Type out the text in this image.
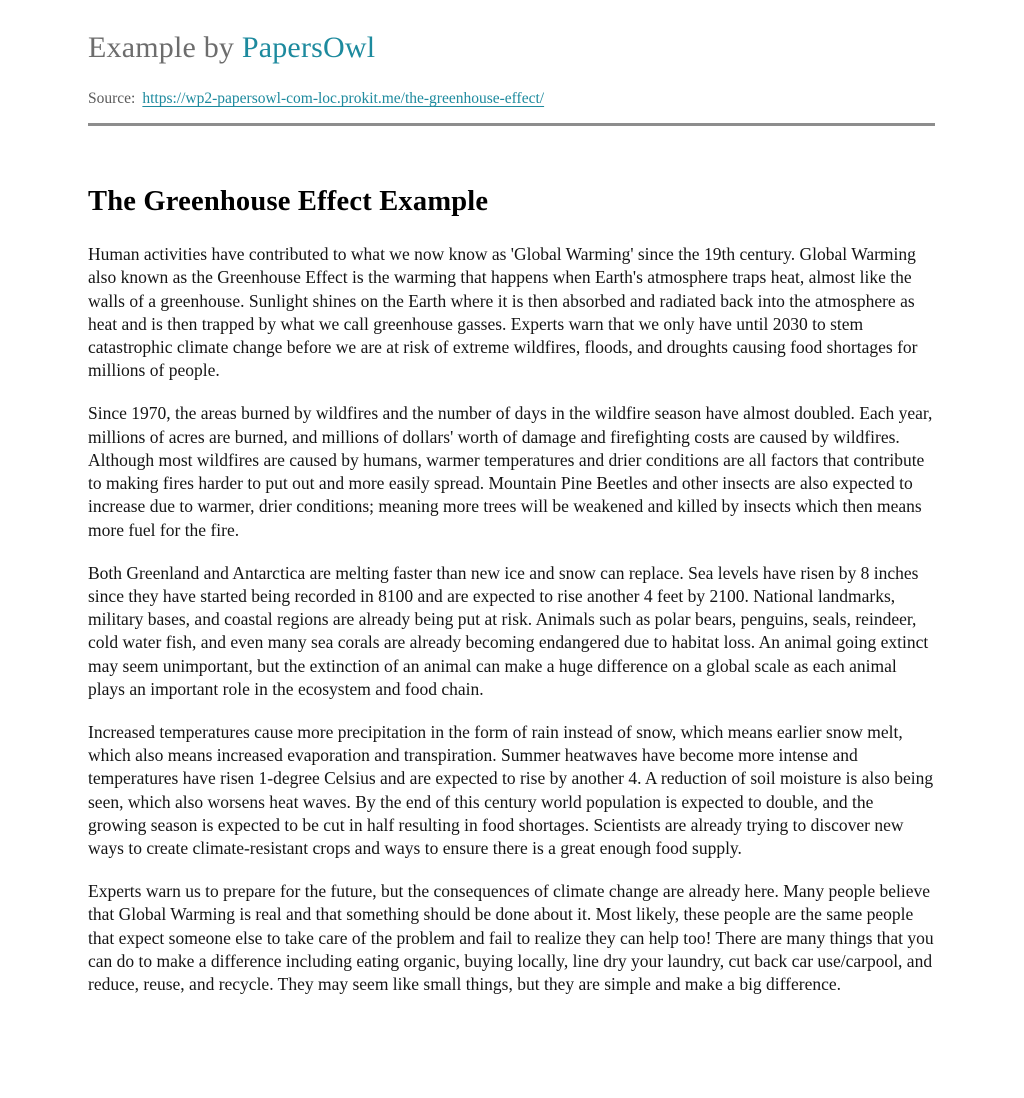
Example by PapersOwl
Source: https://wp2-papersowl-com-loc.prokit.me/the-greenhouse-effect/
The Greenhouse Effect Example

Human activities have contributed to what we now know as 'Global Warming' since the 19th century. Global Warming also known as the Greenhouse Effect is the warming that happens when Earth's atmosphere traps heat, almost like the walls of a greenhouse. Sunlight shines on the Earth where it is then absorbed and radiated back into the atmosphere as heat and is then trapped by what we call greenhouse gasses. Experts warn that we only have until 2030 to stem catastrophic climate change before we are at risk of extreme wildfires, floods, and droughts causing food shortages for millions of people.

Since 1970, the areas burned by wildfires and the number of days in the wildfire season have almost doubled. Each year, millions of acres are burned, and millions of dollars' worth of damage and firefighting costs are caused by wildfires. Although most wildfires are caused by humans, warmer temperatures and drier conditions are all factors that contribute to making fires harder to put out and more easily spread. Mountain Pine Beetles and other insects are also expected to increase due to warmer, drier conditions; meaning more trees will be weakened and killed by insects which then means more fuel for the fire.

Both Greenland and Antarctica are melting faster than new ice and snow can replace. Sea levels have risen by 8 inches since they have started being recorded in 8100 and are expected to rise another 4 feet by 2100. National landmarks, military bases, and coastal regions are already being put at risk. Animals such as polar bears, penguins, seals, reindeer, cold water fish, and even many sea corals are already becoming endangered due to habitat loss. An animal going extinct may seem unimportant, but the extinction of an animal can make a huge difference on a global scale as each animal plays an important role in the ecosystem and food chain.

Increased temperatures cause more precipitation in the form of rain instead of snow, which means earlier snow melt, which also means increased evaporation and transpiration. Summer heatwaves have become more intense and temperatures have risen 1-degree Celsius and are expected to rise by another 4. A reduction of soil moisture is also being seen, which also worsens heat waves. By the end of this century world population is expected to double, and the growing season is expected to be cut in half resulting in food shortages. Scientists are already trying to discover new ways to create climate-resistant crops and ways to ensure there is a great enough food supply.

Experts warn us to prepare for the future, but the consequences of climate change are already here. Many people believe that Global Warming is real and that something should be done about it. Most likely, these people are the same people that expect someone else to take care of the problem and fail to realize they can help too! There are many things that you can do to make a difference including eating organic, buying locally, line dry your laundry, cut back car use/carpool, and reduce, reuse, and recycle. They may seem like small things, but they are simple and make a big difference.
